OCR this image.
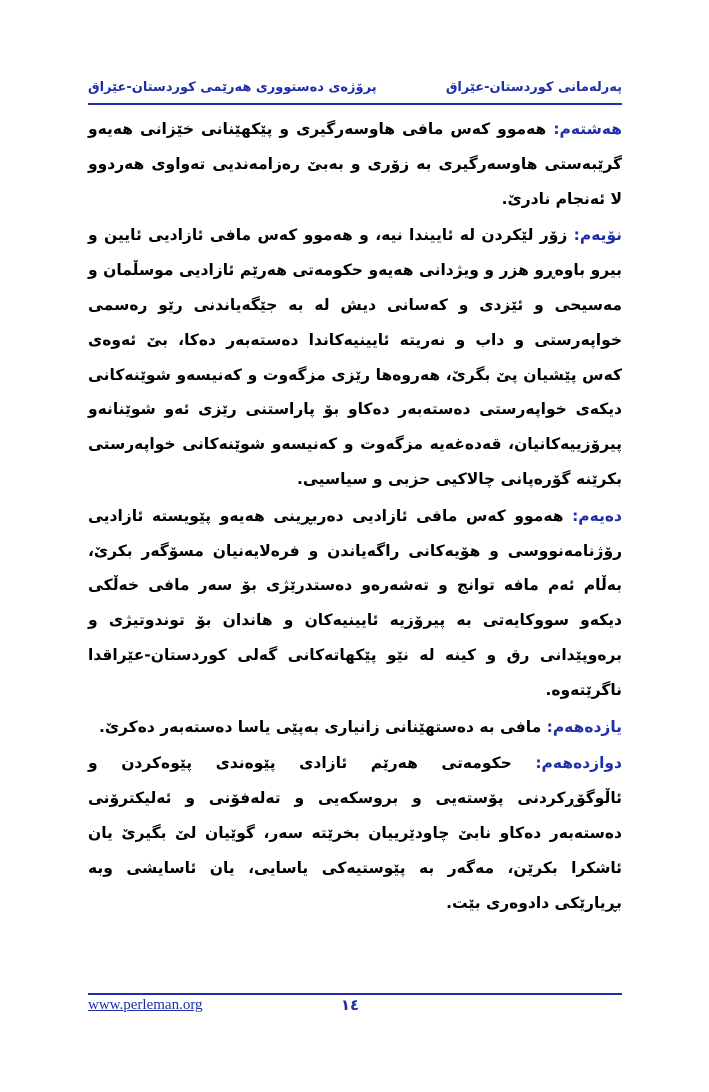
پەرلەمانی كوردستان-عێراق
پرۆژەی دەستووری هەرێمی كوردستان-عێراق

هەشتەم: هەموو كەس مافی هاوسەرگیری و پێكهێنانی خێزانی هەیەو گرێبەستی هاوسەرگیری بە زۆری و بەبێ رەزامەندیی تەواوی هەردوو لا ئەنجام نادرێ.

نۆیەم: زۆر لێكردن لە ئاییندا نیە، و هەموو كەس مافی ئازادیی ئایین و بیرو باوەڕو هزر و ویژدانی هەیەو حكومەتی هەرێم ئازادیی موسڵمان و مەسیحی و ئێزدی و كەسانی دیش لە بە جێگەیاندنی رێو رەسمی خواپەرستی و داب و نەریتە ئایینیەكاندا دەستەبەر دەكا، بێ ئەوەی كەس پێشیان پێ بگرێ، هەروەها رێزی مزگەوت و كەنیسەو شوێنەكانی دیكەی خواپەرستی دەستەبەر دەكاو بۆ پاراستنی رێزی ئەو شوێنانەو پیرۆزییەكانیان، قەدەغەیە مزگەوت و كەنیسەو شوێنەكانی خواپەرستی بكرێنە گۆرەپانی چالاكیی حزبی و سیاسیی.

دەیەم: هەموو كەس مافی ئازادیی دەربڕینی هەیەو پێویستە ئازادیی رۆژنامەنووسی و هۆیەكانی راگەیاندن و فرەلایەنیان مسۆگەر بكرێ، بەڵام ئەم مافە توانج و تەشەرەو دەستدرێژی بۆ سەر مافی خەڵكی دیكەو سووكایەتی بە پیرۆزیە ئایینیەكان و هاندان بۆ توندوتیژی و برەوپێدانی رق و كینە لە نێو پێكهاتەكانی گەلی كوردستان-عێراقدا ناگرێتەوە.

یازدەهەم: مافی بە دەستهێنانی زانیاری بەپێی یاسا دەستەبەر دەكرێ.

دوازدەهەم: حكومەتی هەرێم ئازادی پێوەندی پێوەكردن و ئاڵوگۆڕكردنی پۆستەیی و بروسكەیی و تەلەفۆنی و ئەلیكترۆنی دەستەبەر دەكاو نابێ چاودێرییان بخرێتە سەر، گوێیان لێ بگیرێ یان ئاشكرا بكرێن، مەگەر بە پێوستیەكی یاسایی، یان ئاسایشی وبە بڕیارێكی دادوەری بێت.

www.perleman.org	١٤
